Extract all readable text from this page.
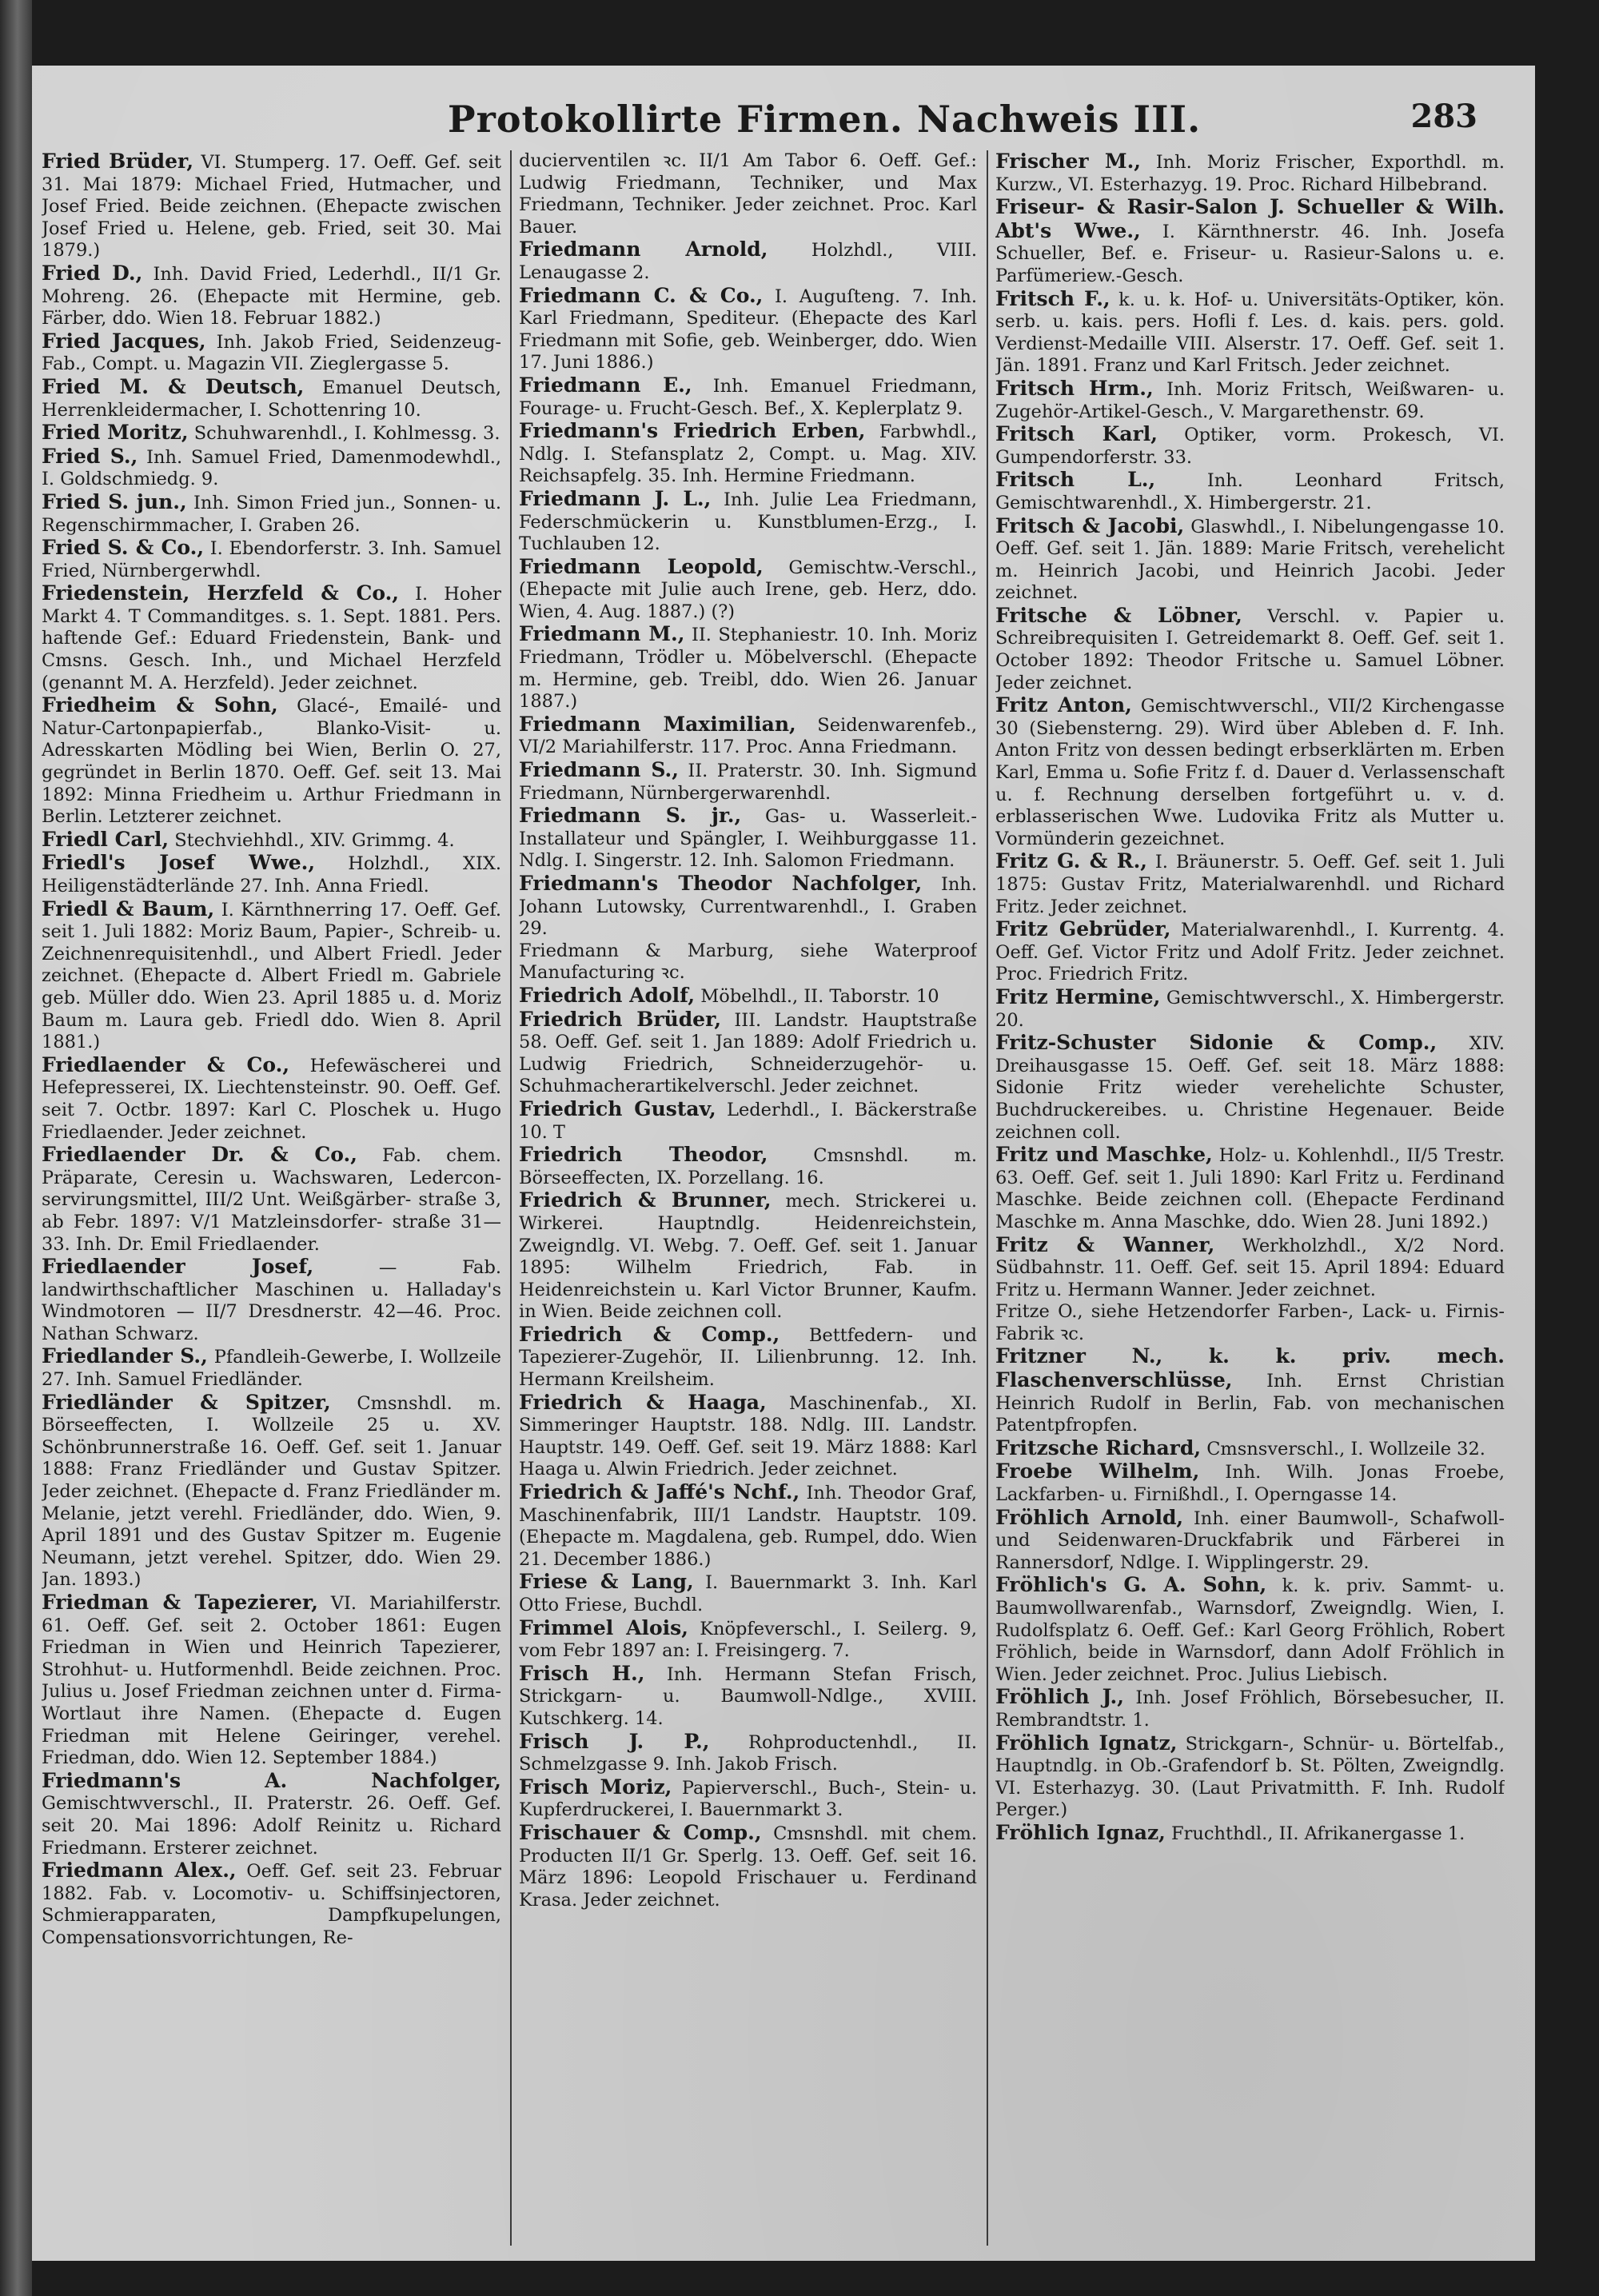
Protokollirte Firmen. Nachweis III.	283

Fried Brüder, VI. Stumperg. 17. Oeff. Gef. seit 31. Mai 1879: Michael Fried, Hutmacher, und Josef Fried. Beide zeichnen. (Ehepacte zwischen Josef Fried u. Helene, geb. Fried, seit 30. Mai 1879.)

Fried D., Inh. David Fried, Lederhdl., II/1 Gr. Mohreng. 26. (Ehepacte mit Hermine, geb. Färber, ddo. Wien 18. Februar 1882.)

Fried Jacques, Inh. Jakob Fried, Seidenzeug-Fab., Compt. u. Magazin VII. Zieglergasse 5.

Fried M. & Deutsch, Emanuel Deutsch, Herrenkleidermacher, I. Schottenring 10.

Fried Moritz, Schuhwarenhdl., I. Kohlmessg. 3.

Fried S., Inh. Samuel Fried, Damenmodewhdl., I. Goldschmiedg. 9.

Fried S. jun., Inh. Simon Fried jun., Sonnen- u. Regenschirmmacher, I. Graben 26.

Fried S. & Co., I. Ebendorferstr. 3. Inh. Samuel Fried, Nürnbergerwhdl.

Friedenstein, Herzfeld & Co., I. Hoher Markt 4. T Commanditges. s. 1. Sept. 1881. Pers. haftende Gef.: Eduard Friedenstein, Bank- und Cmsns. Gesch. Inh., und Michael Herzfeld (genannt M. A. Herzfeld). Jeder zeichnet.

Friedheim & Sohn, Glacé-, Emailé- und Natur-Cartonpapierfab., Blanko-Visit- u. Adresskarten Mödling bei Wien, Berlin O. 27, gegründet in Berlin 1870. Oeff. Gef. seit 13. Mai 1892: Minna Friedheim u. Arthur Friedmann in Berlin. Letzterer zeichnet.

Friedl Carl, Stechviehhdl., XIV. Grimmg. 4.

Friedl's Josef Wwe., Holzhdl., XIX. Heiligenstädterlände 27. Inh. Anna Friedl.

Friedl & Baum, I. Kärnthnerring 17. Oeff. Gef. seit 1. Juli 1882: Moriz Baum, Papier-, Schreib- u. Zeichnenrequisitenhdl., und Albert Friedl. Jeder zeichnet. (Ehepacte d. Albert Friedl m. Gabriele geb. Müller ddo. Wien 23. April 1885 u. d. Moriz Baum m. Laura geb. Friedl ddo. Wien 8. April 1881.)

Friedlaender & Co., Hefewäscherei und Hefepresserei, IX. Liechtensteinstr. 90. Oeff. Gef. seit 7. Octbr. 1897: Karl C. Ploschek u. Hugo Friedlaender. Jeder zeichnet.

Friedlaender Dr. & Co., Fab. chem. Präparate, Ceresin u. Wachswaren, Ledercon- servirungsmittel, III/2 Unt. Weißgärber- straße 3, ab Febr. 1897: V/1 Matzleinsdorfer- straße 31—33. Inh. Dr. Emil Friedlaender.

Friedlaender Josef,	— Fab. landwirthschaftlicher Maschinen u. Halladay's Windmotoren — II/7 Dresdnerstr. 42—46. Proc. Nathan Schwarz.

Friedlander S., Pfandleih-Gewerbe, I. Wollzeile 27. Inh. Samuel Friedländer.

Friedländer & Spitzer, Cmsnshdl. m. Börseeffecten, I. Wollzeile 25 u. XV. Schönbrunnerstraße 16. Oeff. Gef. seit 1. Januar 1888: Franz Friedländer und Gustav Spitzer. Jeder zeichnet. (Ehepacte d. Franz Friedländer m. Melanie, jetzt verehl. Friedländer, ddo. Wien, 9. April 1891 und des Gustav Spitzer m. Eugenie Neumann, jetzt verehel. Spitzer, ddo. Wien 29. Jan. 1893.)

Friedman & Tapezierer, VI. Mariahilferstr. 61. Oeff. Gef. seit 2. October 1861: Eugen Friedman in Wien und Heinrich Tapezierer, Strohhut- u. Hutformenhdl. Beide zeichnen. Proc. Julius u. Josef Friedman zeichnen unter d. Firma-Wortlaut ihre Namen. (Ehepacte d. Eugen Friedman mit Helene Geiringer, verehel. Friedman, ddo. Wien 12. September 1884.)

Friedmann's A. Nachfolger, Gemischtwverschl., II. Praterstr. 26. Oeff. Gef. seit 20. Mai 1896: Adolf Reinitz u. Richard Friedmann. Ersterer zeichnet.

Friedmann Alex., Oeff. Gef. seit 23. Februar 1882. Fab. v. Locomotiv- u. Schiffsinjectoren, Schmierapparaten, Dampfkupelungen, Compensationsvorrichtungen, Re-

ducierventilen ꝛc. II/1 Am Tabor 6. Oeff. Gef.: Ludwig Friedmann, Techniker, und Max Friedmann, Techniker. Jeder zeichnet. Proc. Karl Bauer.

Friedmann Arnold, Holzhdl., VIII. Lenaugasse 2.

Friedmann C. & Co., I. Auguſteng. 7. Inh. Karl Friedmann, Spediteur. (Ehepacte des Karl Friedmann mit Sofie, geb. Weinberger, ddo. Wien 17. Juni 1886.)

Friedmann E., Inh. Emanuel Friedmann, Fourage- u. Frucht-Gesch. Bef., X. Keplerplatz 9.

Friedmann's Friedrich Erben, Farbwhdl., Ndlg. I. Stefansplatz 2, Compt. u. Mag. XIV. Reichsapfelg. 35. Inh. Hermine Friedmann.

Friedmann J. L., Inh. Julie Lea Friedmann, Federschmückerin u. Kunstblumen-Erzg., I. Tuchlauben 12.

Friedmann Leopold, Gemischtw.-Verschl., (Ehepacte mit Julie auch Irene, geb. Herz, ddo. Wien, 4. Aug. 1887.) (?)

Friedmann M., II. Stephaniestr. 10. Inh. Moriz Friedmann, Trödler u. Möbelverschl. (Ehepacte m. Hermine, geb. Treibl, ddo. Wien 26. Januar 1887.)

Friedmann Maximilian, Seidenwarenfeb., VI/2 Mariahilferstr. 117. Proc. Anna Friedmann.

Friedmann S., II. Praterstr. 30. Inh. Sigmund Friedmann, Nürnbergerwarenhdl.

Friedmann S. jr., Gas- u. Wasserleit.-Installateur und Spängler, I. Weihburggasse 11. Ndlg. I. Singerstr. 12. Inh. Salomon Friedmann.

Friedmann's Theodor Nachfolger, Inh. Johann Lutowsky, Currentwarenhdl., I. Graben 29.

Friedmann & Marburg, siehe Waterproof Manufacturing ꝛc.

Friedrich Adolf, Möbelhdl., II. Taborstr. 10

Friedrich Brüder, III. Landstr. Hauptstraße 58. Oeff. Gef. seit 1. Jan 1889: Adolf Friedrich u. Ludwig Friedrich, Schneiderzugehör- u. Schuhmacherartikelverschl. Jeder zeichnet.

Friedrich Gustav, Lederhdl., I. Bäckerstraße 10. T

Friedrich Theodor,	Cmsnshdl. m. Börseeffecten, IX. Porzellang. 16.

Friedrich & Brunner, mech. Strickerei u. Wirkerei. Hauptndlg. Heidenreichstein, Zweigndlg. VI. Webg. 7. Oeff. Gef. seit 1. Januar 1895: Wilhelm Friedrich, Fab. in Heidenreichstein u. Karl Victor Brunner, Kaufm. in Wien. Beide zeichnen coll.

Friedrich & Comp., Bettfedern- und Tapezierer-Zugehör, II. Lilienbrunng. 12. Inh. Hermann Kreilsheim.

Friedrich & Haaga, Maschinenfab., XI. Simmeringer Hauptstr. 188. Ndlg. III. Landstr. Hauptstr. 149. Oeff. Gef. seit 19. März 1888: Karl Haaga u. Alwin Friedrich. Jeder zeichnet.

Friedrich & Jaffé's Nchf., Inh. Theodor Graf, Maschinenfabrik, III/1 Landstr. Hauptstr. 109. (Ehepacte m. Magdalena, geb. Rumpel, ddo. Wien 21. December 1886.)

Friese & Lang, I. Bauernmarkt 3. Inh. Karl Otto Friese, Buchdl.

Frimmel Alois, Knöpfeverschl., I. Seilerg. 9, vom Febr 1897 an: I. Freisingerg. 7.

Frisch H., Inh. Hermann Stefan Frisch, Strickgarn- u. Baumwoll-Ndlge., XVIII. Kutschkerg. 14.

Frisch J. P., Rohproductenhdl., II. Schmelzgasse 9. Inh. Jakob Frisch.

Frisch Moriz, Papierverschl., Buch-, Stein- u. Kupferdruckerei, I. Bauernmarkt 3.

Frischauer & Comp., Cmsnshdl. mit chem. Producten II/1 Gr. Sperlg. 13. Oeff. Gef. seit 16. März 1896: Leopold Frischauer u. Ferdinand Krasa. Jeder zeichnet.

Frischer M., Inh. Moriz Frischer, Exporthdl. m. Kurzw., VI. Esterhazyg. 19. Proc. Richard Hilbebrand.

Friseur- & Rasir-Salon J. Schueller & Wilh. Abt's Wwe., I. Kärnthnerstr. 46. Inh. Josefa Schueller, Bef. e. Friseur- u. Rasieur-Salons u. e. Parfümeriew.-Gesch.

Fritsch F., k. u. k. Hof- u. Universitäts-Optiker, kön. serb. u. kais. pers. Hofli f. Les. d. kais. pers. gold. Verdienst-Medaille VIII. Alserstr. 17. Oeff. Gef. seit 1. Jän. 1891. Franz und Karl Fritsch. Jeder zeichnet.

Fritsch Hrm., Inh. Moriz Fritsch, Weißwaren- u. Zugehör-Artikel-Gesch., V. Margarethenstr. 69.

Fritsch Karl, Optiker, vorm. Prokesch, VI. Gumpendorferstr. 33.

Fritsch L.,	Inh. Leonhard Fritsch, Gemischtwarenhdl., X. Himbergerstr. 21.

Fritsch & Jacobi, Glaswhdl., I. Nibelungengasse 10. Oeff. Gef. seit 1. Jän. 1889: Marie Fritsch, verehelicht m. Heinrich Jacobi, und Heinrich Jacobi. Jeder zeichnet.

Fritsche & Löbner, Verschl. v. Papier u. Schreibrequisiten I. Getreidemarkt 8. Oeff. Gef. seit 1. October 1892: Theodor Fritsche u. Samuel Löbner. Jeder zeichnet.

Fritz Anton, Gemischtwverschl., VII/2 Kirchengasse 30 (Siebensterng. 29). Wird über Ableben d. F. Inh. Anton Fritz von dessen bedingt erbserklärten m. Erben Karl, Emma u. Sofie Fritz f. d. Dauer d. Verlassenschaft u. f. Rechnung derselben fortgeführt u. v. d. erblasserischen Wwe. Ludovika Fritz als Mutter u. Vormünderin gezeichnet.

Fritz G. & R., I. Bräunerstr. 5. Oeff. Gef. seit 1. Juli 1875: Gustav Fritz, Materialwarenhdl. und Richard Fritz. Jeder zeichnet.

Fritz Gebrüder, Materialwarenhdl., I. Kurrentg. 4. Oeff. Gef. Victor Fritz und Adolf Fritz. Jeder zeichnet. Proc. Friedrich Fritz.

Fritz Hermine, Gemischtwverschl., X. Himbergerstr. 20.

Fritz-Schuster Sidonie & Comp., XIV. Dreihausgasse 15. Oeff. Gef. seit 18. März 1888: Sidonie Fritz wieder verehelichte Schuster, Buchdruckereibes. u. Christine Hegenauer. Beide zeichnen coll.

Fritz und Maschke, Holz- u. Kohlenhdl., II/5 Trestr. 63. Oeff. Gef. seit 1. Juli 1890: Karl Fritz u. Ferdinand Maschke. Beide zeichnen coll. (Ehepacte Ferdinand Maschke m. Anna Maschke, ddo. Wien 28. Juni 1892.)

Fritz & Wanner, Werkholzhdl., X/2 Nord. Südbahnstr. 11. Oeff. Gef. seit 15. April 1894: Eduard Fritz u. Hermann Wanner. Jeder zeichnet.

Fritze O., siehe Hetzendorfer Farben-, Lack- u. Firnis-Fabrik ꝛc.

Fritzner N., k. k. priv. mech. Flaschenverschlüsse, Inh. Ernst Christian Heinrich Rudolf in Berlin, Fab. von mechanischen Patentpfropfen.

Fritzsche Richard, Cmsnsverschl., I. Wollzeile 32.

Froebe Wilhelm, Inh. Wilh. Jonas Froebe, Lackfarben- u. Firnißhdl., I. Operngasse 14.

Fröhlich Arnold, Inh. einer Baumwoll-, Schafwoll- und Seidenwaren-Druckfabrik und Färberei in Rannersdorf, Ndlge. I. Wipplingerstr. 29.

Fröhlich's G. A. Sohn, k. k. priv. Sammt- u. Baumwollwarenfab., Warnsdorf, Zweigndlg. Wien, I. Rudolfsplatz 6. Oeff. Gef.: Karl Georg Fröhlich, Robert Fröhlich, beide in Warnsdorf, dann Adolf Fröhlich in Wien. Jeder zeichnet. Proc. Julius Liebisch.

Fröhlich J., Inh. Josef Fröhlich, Börsebesucher, II. Rembrandtstr. 1.

Fröhlich Ignatz, Strickgarn-, Schnür- u. Börtelfab., Hauptndlg. in Ob.-Grafendorf b. St. Pölten, Zweigndlg. VI. Esterhazyg. 30. (Laut Privatmitth. F. Inh. Rudolf Perger.)

Fröhlich Ignaz, Fruchthdl., II. Afrikanergasse 1.
